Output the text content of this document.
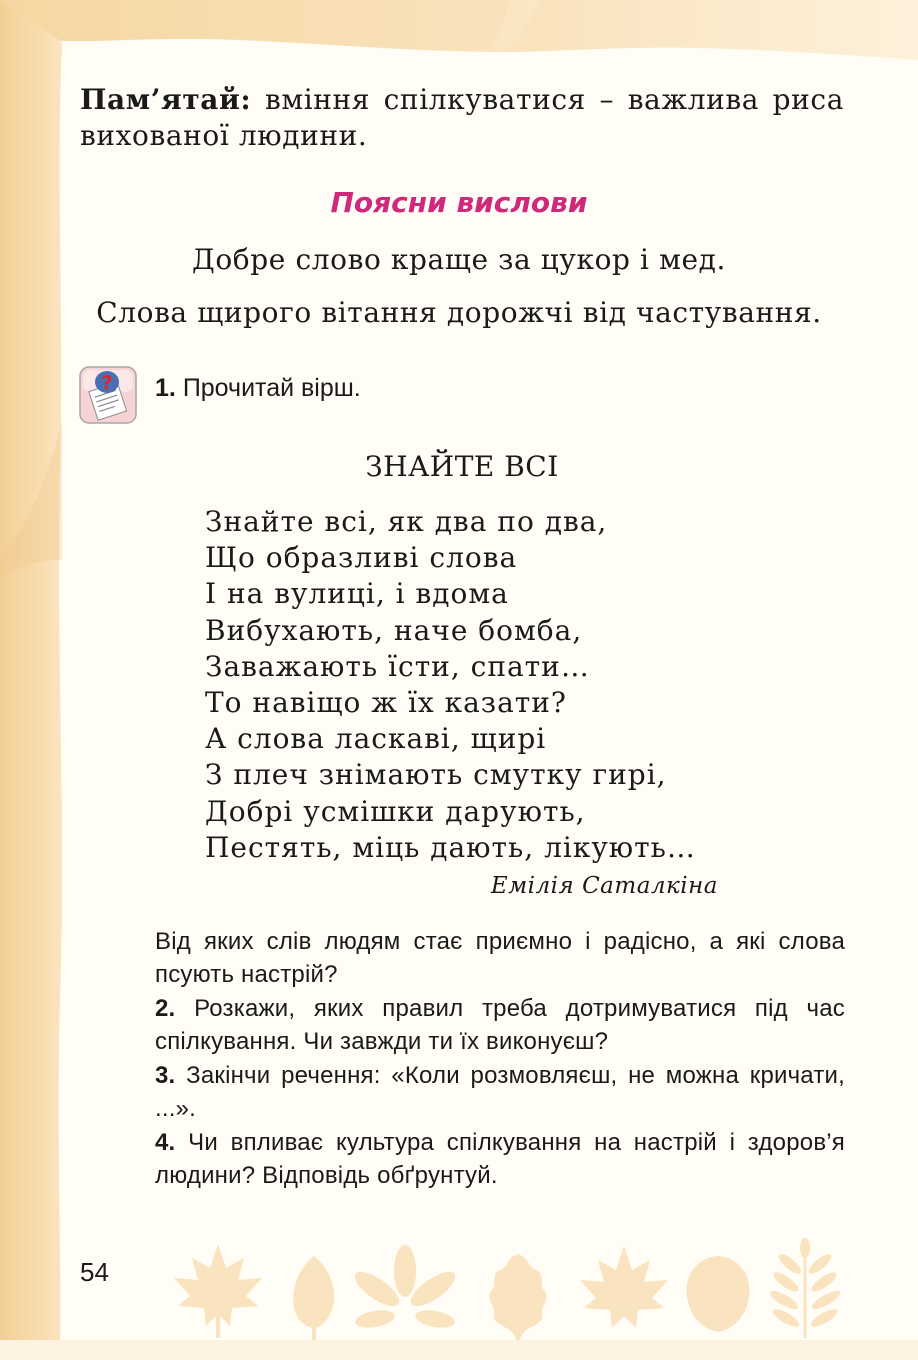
Пам’ятай: вміння спілкуватися – важлива риса вихованої людини.
Поясни вислови
Добре слово краще за цукор і мед.
Слова щирого вітання дорожчі від частування.
? 1. Прочитай вірш.
ЗНАЙТЕ ВСІ
Знайте всі, як два по два,
Що образливі слова
І на вулиці, і вдома
Вибухають, наче бомба,
Заважають їсти, спати…
То навіщо ж їх казати?
А слова ласкаві, щирі
З плеч знімають смутку гирі,
Добрі усмішки дарують,
Пестять, міць дають, лікують…
Емілія Саталкіна

Від яких слів людям стає приємно і радісно, а які слова псують настрій?

2. Розкажи, яких правил треба дотримуватися під час спілкування. Чи завжди ти їх виконуєш?

3. Закінчи речення: «Коли розмовляєш, не можна кричати, ...».

4. Чи впливає культура спілкування на настрій і здоров’я людини? Відповідь обґрунтуй.

54
